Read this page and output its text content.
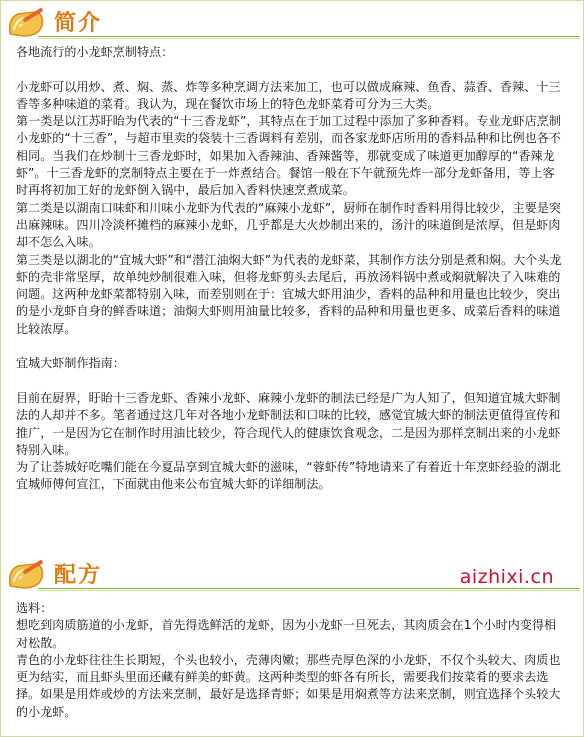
简介

各地流行的小龙虾烹制特点：

小龙虾可以用炒、煮、焖、蒸、炸等多种烹调方法来加工，也可以做成麻辣、鱼香、蒜香、香辣、十三香等多种味道的菜肴。我认为，现在餐饮市场上的特色龙虾菜肴可分为三大类。

第一类是以江苏盱眙为代表的“十三香龙虾”，其特点在于加工过程中添加了多种香料。专业龙虾店烹制小龙虾的“十三香”，与超市里卖的袋装十三香调料有差别，而各家龙虾店所用的香料品种和比例也各不相同。当我们在炒制十三香龙虾时，如果加入香辣油、香辣酱等，那就变成了味道更加醇厚的“香辣龙虾”。十三香龙虾的烹制特点主要在于一炸煮结合。餐馆一般在下午就预先炸一部分龙虾备用，等上客时再将初加工好的龙虾倒入锅中，最后加入香料快速烹煮成菜。

第二类是以湖南口味虾和川味小龙虾为代表的“麻辣小龙虾”，厨师在制作时香料用得比较少，主要是突出麻辣味。四川冷淡杯摊档的麻辣小龙虾，几乎都是大火炒制出来的，汤汁的味道倒是浓厚，但是虾肉却不怎么入味。

第三类是以湖北的“宜城大虾”和“潜江油焖大虾”为代表的龙虾菜，其制作方法分别是煮和焖。大个头龙虾的壳非常坚厚，故单纯炒制很难入味，但将龙虾剪头去尾后，再放汤料锅中煮或焖就解决了入味难的问题。这两种龙虾菜都特别入味，而差别则在于：宜城大虾用油少，香料的品种和用量也比较少，突出的是小龙虾自身的鲜香味道；油焖大虾则用油量比较多，香料的品种和用量也更多、成菜后香料的味道比较浓厚。

宜城大虾制作指南：

目前在厨界，盱眙十三香龙虾、香辣小龙虾、麻辣小龙虾的制法已经是广为人知了，但知道宜城大虾制法的人却并不多。笔者通过这几年对各地小龙虾制法和口味的比较，感觉宜城大虾的制法更值得宣传和推广，一是因为它在制作时用油比较少，符合现代人的健康饮食观念，二是因为那样烹制出来的小龙虾特别入味。

为了让荟城好吃嘴们能在今夏品享到宜城大虾的滋味，“蓉虾传”特地请来了有着近十年烹虾经验的湖北宜城师傅何宣江，下面就由他来公布宜城大虾的详细制法。

配方	aizhixi.cn

选料：

想吃到肉质筋道的小龙虾，首先得选鲜活的龙虾，因为小龙虾一旦死去，其肉质会在1个小时内变得相对松散。

青色的小龙虾往往生长期短，个头也较小，壳薄肉嫩；那些壳厚色深的小龙虾，不仅个头较大、肉质也更为结实，而且虾头里面还藏有鲜美的虾黄。这两种类型的虾各有所长，需要我们按菜肴的要求去选择。如果是用炸或炒的方法来烹制，最好是选择青虾；如果是用焖煮等方法来烹制，则宜选择个头较大的小龙虾。
